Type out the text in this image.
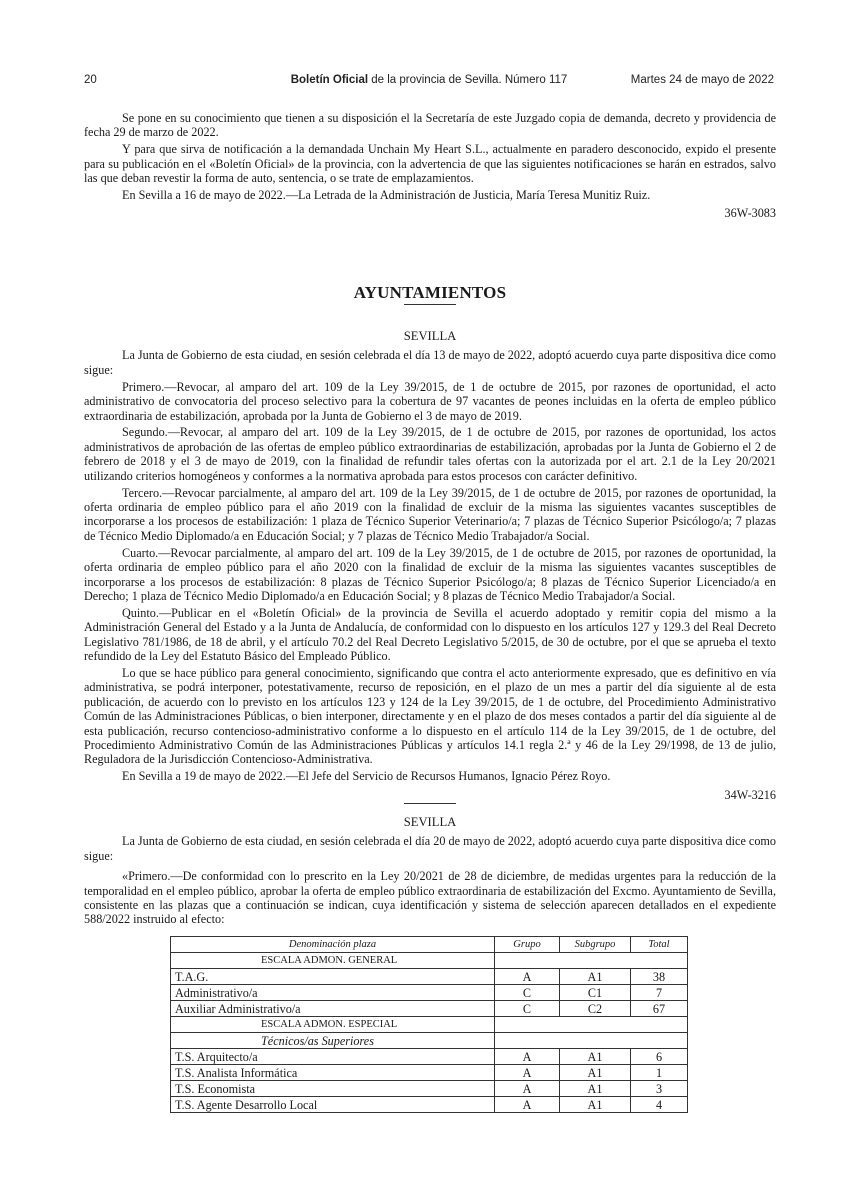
20	Boletín Oficial de la provincia de Sevilla. Número 117	Martes 24 de mayo de 2022

Se pone en su conocimiento que tienen a su disposición el la Secretaría de este Juzgado copia de demanda, decreto y providencia de fecha 29 de marzo de 2022.

Y para que sirva de notificación a la demandada Unchain My Heart S.L., actualmente en paradero desconocido, expido el presente para su publicación en el «Boletín Oficial» de la provincia, con la advertencia de que las siguientes notificaciones se harán en estrados, salvo las que deban revestir la forma de auto, sentencia, o se trate de emplazamientos.

En Sevilla a 16 de mayo de 2022.—La Letrada de la Administración de Justicia, María Teresa Munitiz Ruiz.

36W-3083
AYUNTAMIENTOS
SEVILLA

La Junta de Gobierno de esta ciudad, en sesión celebrada el día 13 de mayo de 2022, adoptó acuerdo cuya parte dispositiva dice como sigue:

Primero.—Revocar, al amparo del art. 109 de la Ley 39/2015, de 1 de octubre de 2015, por razones de oportunidad, el acto administrativo de convocatoria del proceso selectivo para la cobertura de 97 vacantes de peones incluidas en la oferta de empleo público extraordinaria de estabilización, aprobada por la Junta de Gobierno el 3 de mayo de 2019.

Segundo.—Revocar, al amparo del art. 109 de la Ley 39/2015, de 1 de octubre de 2015, por razones de oportunidad, los actos administrativos de aprobación de las ofertas de empleo público extraordinarias de estabilización, aprobadas por la Junta de Gobierno el 2 de febrero de 2018 y el 3 de mayo de 2019, con la finalidad de refundir tales ofertas con la autorizada por el art. 2.1 de la Ley 20/2021 utilizando criterios homogéneos y conformes a la normativa aprobada para estos procesos con carácter definitivo.

Tercero.—Revocar parcialmente, al amparo del art. 109 de la Ley 39/2015, de 1 de octubre de 2015, por razones de oportunidad, la oferta ordinaria de empleo público para el año 2019 con la finalidad de excluir de la misma las siguientes vacantes susceptibles de incorporarse a los procesos de estabilización: 1 plaza de Técnico Superior Veterinario/a; 7 plazas de Técnico Superior Psicólogo/a; 7 plazas de Técnico Medio Diplomado/a en Educación Social; y 7 plazas de Técnico Medio Trabajador/a Social.

Cuarto.—Revocar parcialmente, al amparo del art. 109 de la Ley 39/2015, de 1 de octubre de 2015, por razones de oportunidad, la oferta ordinaria de empleo público para el año 2020 con la finalidad de excluir de la misma las siguientes vacantes susceptibles de incorporarse a los procesos de estabilización: 8 plazas de Técnico Superior Psicólogo/a; 8 plazas de Técnico Superior Licenciado/a en Derecho; 1 plaza de Técnico Medio Diplomado/a en Educación Social; y 8 plazas de Técnico Medio Trabajador/a Social.

Quinto.—Publicar en el «Boletín Oficial» de la provincia de Sevilla el acuerdo adoptado y remitir copia del mismo a la Administración General del Estado y a la Junta de Andalucía, de conformidad con lo dispuesto en los artículos 127 y 129.3 del Real Decreto Legislativo 781/1986, de 18 de abril, y el artículo 70.2 del Real Decreto Legislativo 5/2015, de 30 de octubre, por el que se aprueba el texto refundido de la Ley del Estatuto Básico del Empleado Público.

Lo que se hace público para general conocimiento, significando que contra el acto anteriormente expresado, que es definitivo en vía administrativa, se podrá interponer, potestativamente, recurso de reposición, en el plazo de un mes a partir del día siguiente al de esta publicación, de acuerdo con lo previsto en los artículos 123 y 124 de la Ley 39/2015, de 1 de octubre, del Procedimiento Administrativo Común de las Administraciones Públicas, o bien interponer, directamente y en el plazo de dos meses contados a partir del día siguiente al de esta publicación, recurso contencioso-administrativo conforme a lo dispuesto en el artículo 114 de la Ley 39/2015, de 1 de octubre, del Procedimiento Administrativo Común de las Administraciones Públicas y artículos 14.1 regla 2.ª y 46 de la Ley 29/1998, de 13 de julio, Reguladora de la Jurisdicción Contencioso-Administrativa.

En Sevilla a 19 de mayo de 2022.—El Jefe del Servicio de Recursos Humanos, Ignacio Pérez Royo.

34W-3216
SEVILLA

La Junta de Gobierno de esta ciudad, en sesión celebrada el día 20 de mayo de 2022, adoptó acuerdo cuya parte dispositiva dice como sigue:

«Primero.—De conformidad con lo prescrito en la Ley 20/2021 de 28 de diciembre, de medidas urgentes para la reducción de la temporalidad en el empleo público, aprobar la oferta de empleo público extraordinaria de estabilización del Excmo. Ayuntamiento de Sevilla, consistente en las plazas que a continuación se indican, cuya identificación y sistema de selección aparecen detallados en el expediente 588/2022 instruido al efecto:

Denominación plaza	Grupo	Subgrupo	Total
ESCALA ADMON. GENERAL			
T.A.G.	A	A1	38
Administrativo/a	C	C1	7
Auxiliar Administrativo/a	C	C2	67
ESCALA ADMON. ESPECIAL			
Técnicos/as Superiores			
T.S. Arquitecto/a	A	A1	6
T.S. Analista Informática	A	A1	1
T.S. Economista	A	A1	3
T.S. Agente Desarrollo Local	A	A1	4
